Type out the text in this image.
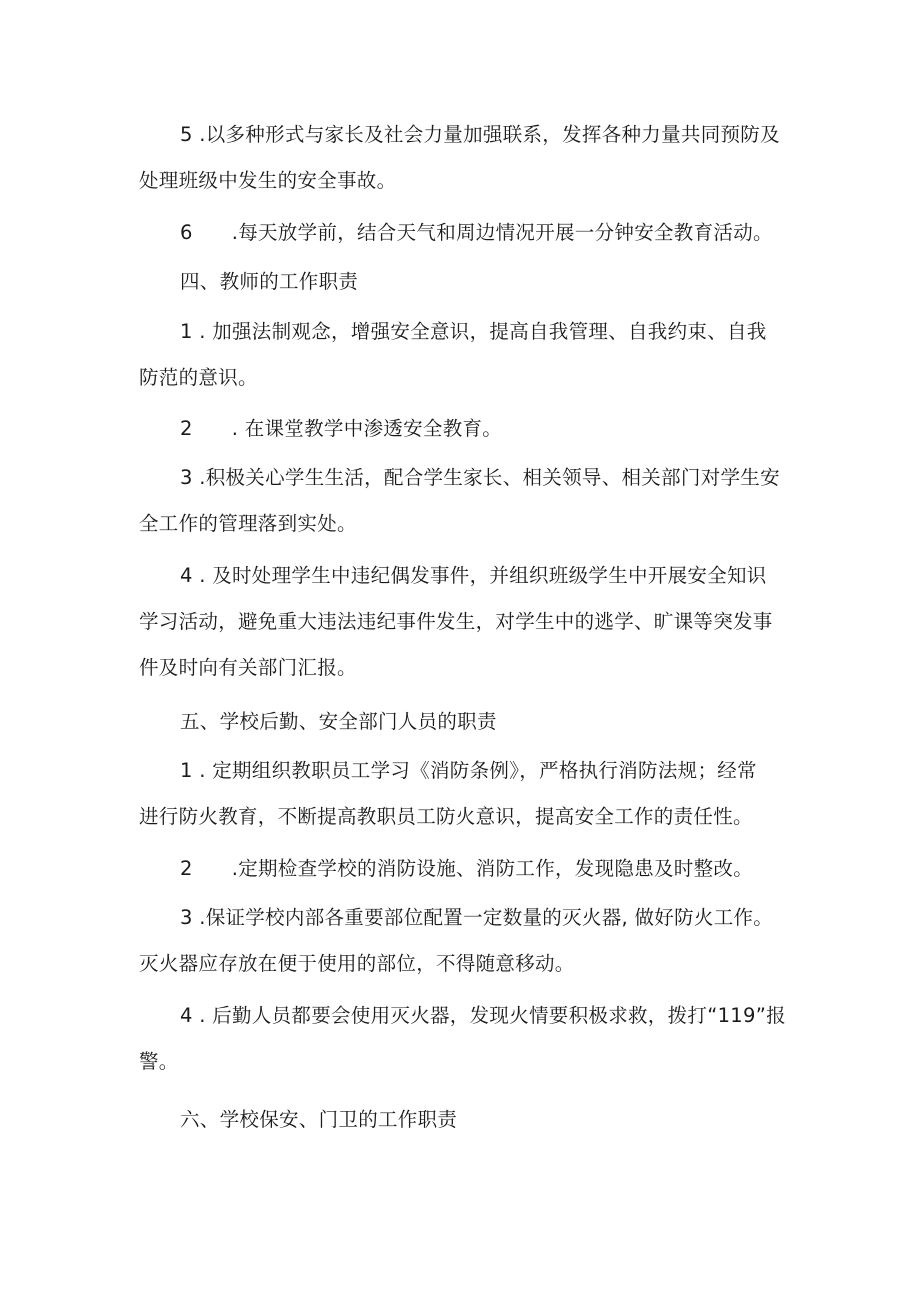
5 .以多种形式与家长及社会力量加强联系，发挥各种力量共同预防及
处理班级中发生的安全事故。

6      .每天放学前，结合天气和周边情况开展一分钟安全教育活动。

四、教师的工作职责

1 . 加强法制观念，增强安全意识，提高自我管理、自我约束、自我
防范的意识。

2      . 在课堂教学中渗透安全教育。

3 .积极关心学生生活，配合学生家长、相关领导、相关部门对学生安
全工作的管理落到实处。

4 . 及时处理学生中违纪偶发事件，并组织班级学生中开展安全知识
学习活动，避免重大违法违纪事件发生，对学生中的逃学、旷课等突发事
件及时向有关部门汇报。

五、学校后勤、安全部门人员的职责

1 . 定期组织教职员工学习《消防条例》，严格执行消防法规；经常
进行防火教育，不断提高教职员工防火意识，提高安全工作的责任性。

2      .定期检查学校的消防设施、消防工作，发现隐患及时整改。

3 .保证学校内部各重要部位配置一定数量的灭火器, 做好防火工作。
灭火器应存放在便于使用的部位，不得随意移动。

4 . 后勤人员都要会使用灭火器，发现火情要积极求救，拨打“119”报
警。

六、学校保安、门卫的工作职责
